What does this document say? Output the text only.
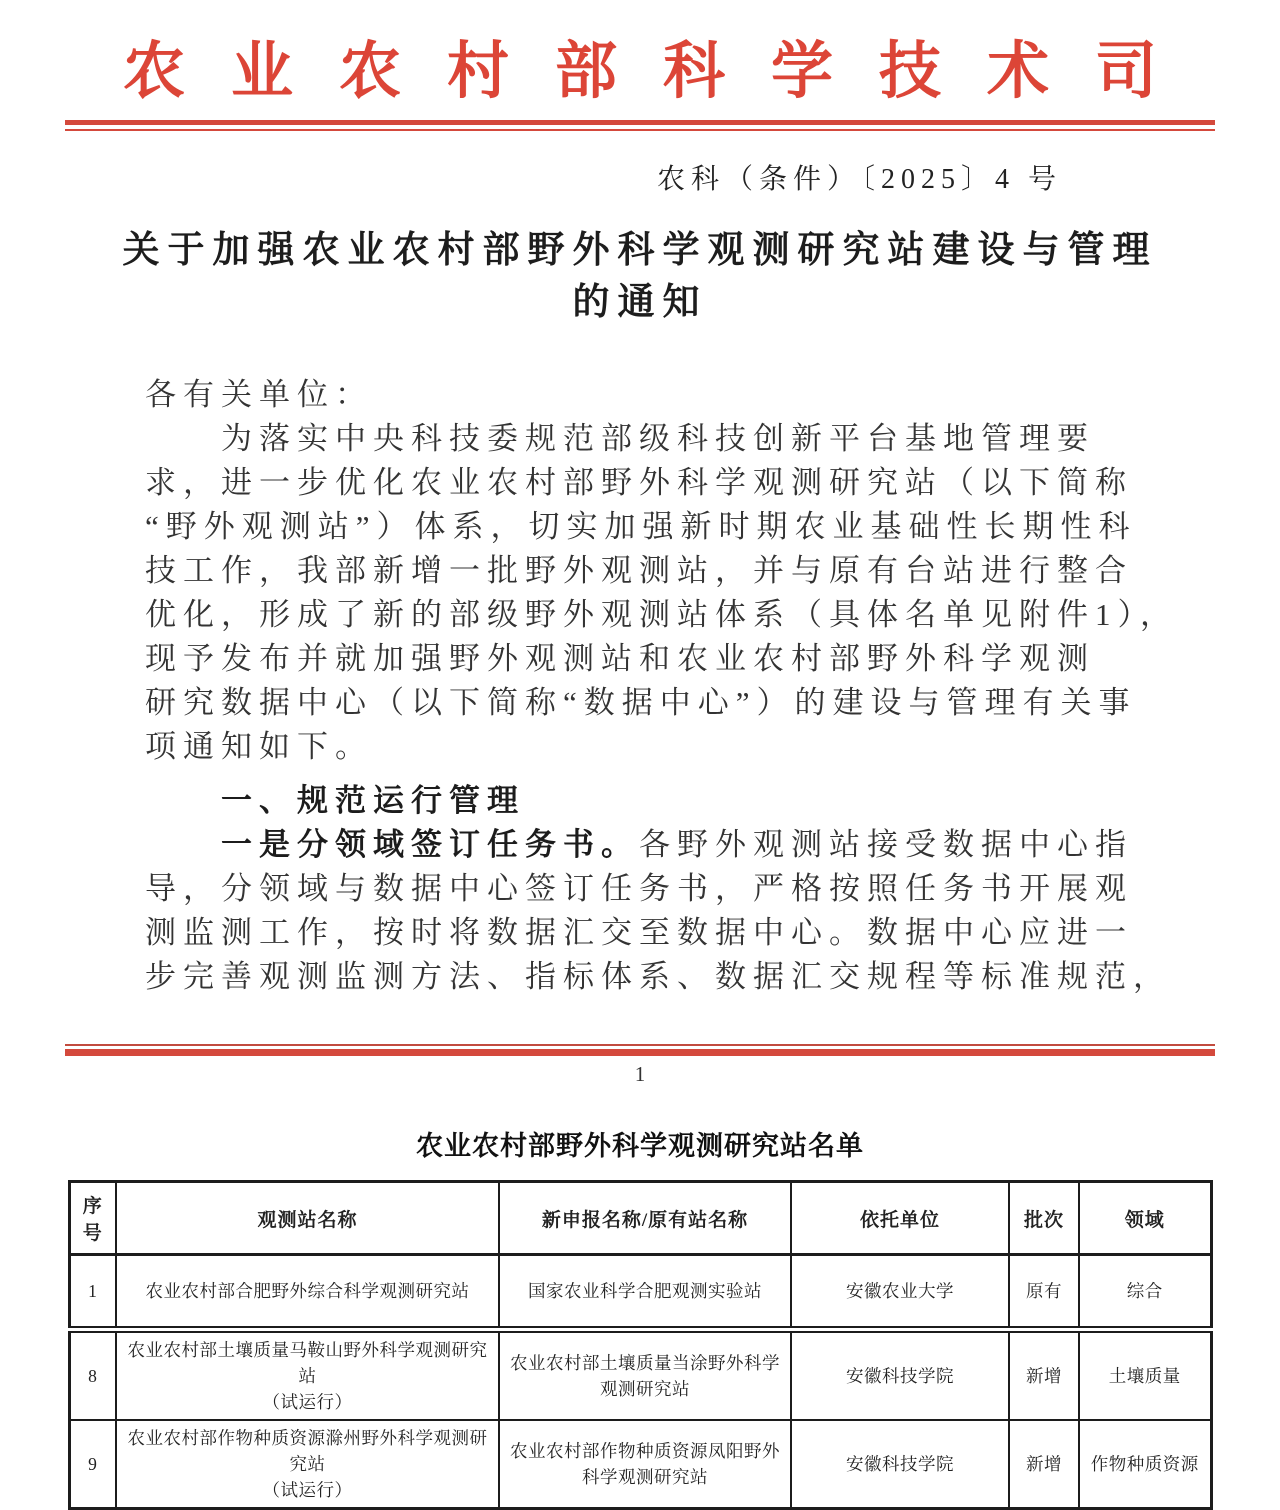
农业农村部科学技术司
农科（条件）〔2025〕4 号
关于加强农业农村部野外科学观测研究站建设与管理
的通知
各有关单位：
为落实中央科技委规范部级科技创新平台基地管理要
求，进一步优化农业农村部野外科学观测研究站（以下简称
“野外观测站”）体系，切实加强新时期农业基础性长期性科
技工作，我部新增一批野外观测站，并与原有台站进行整合
优化，形成了新的部级野外观测站体系（具体名单见附件1），
现予发布并就加强野外观测站和农业农村部野外科学观测
研究数据中心（以下简称“数据中心”）的建设与管理有关事
项通知如下。
一、规范运行管理
一是分领域签订任务书。各野外观测站接受数据中心指
导，分领域与数据中心签订任务书，严格按照任务书开展观
测监测工作，按时将数据汇交至数据中心。数据中心应进一
步完善观测监测方法、指标体系、数据汇交规程等标准规范，
1
农业农村部野外科学观测研究站名单
序号	观测站名称	新申报名称/原有站名称	依托单位	批次	领域
1	农业农村部合肥野外综合科学观测研究站	国家农业科学合肥观测实验站	安徽农业大学	原有	综合
8	农业农村部土壤质量马鞍山野外科学观测研究站
（试运行）	农业农村部土壤质量当涂野外科学观测研究站	安徽科技学院	新增	土壤质量
9	农业农村部作物种质资源滁州野外科学观测研究站
（试运行）	农业农村部作物种质资源凤阳野外科学观测研究站	安徽科技学院	新增	作物种质资源
